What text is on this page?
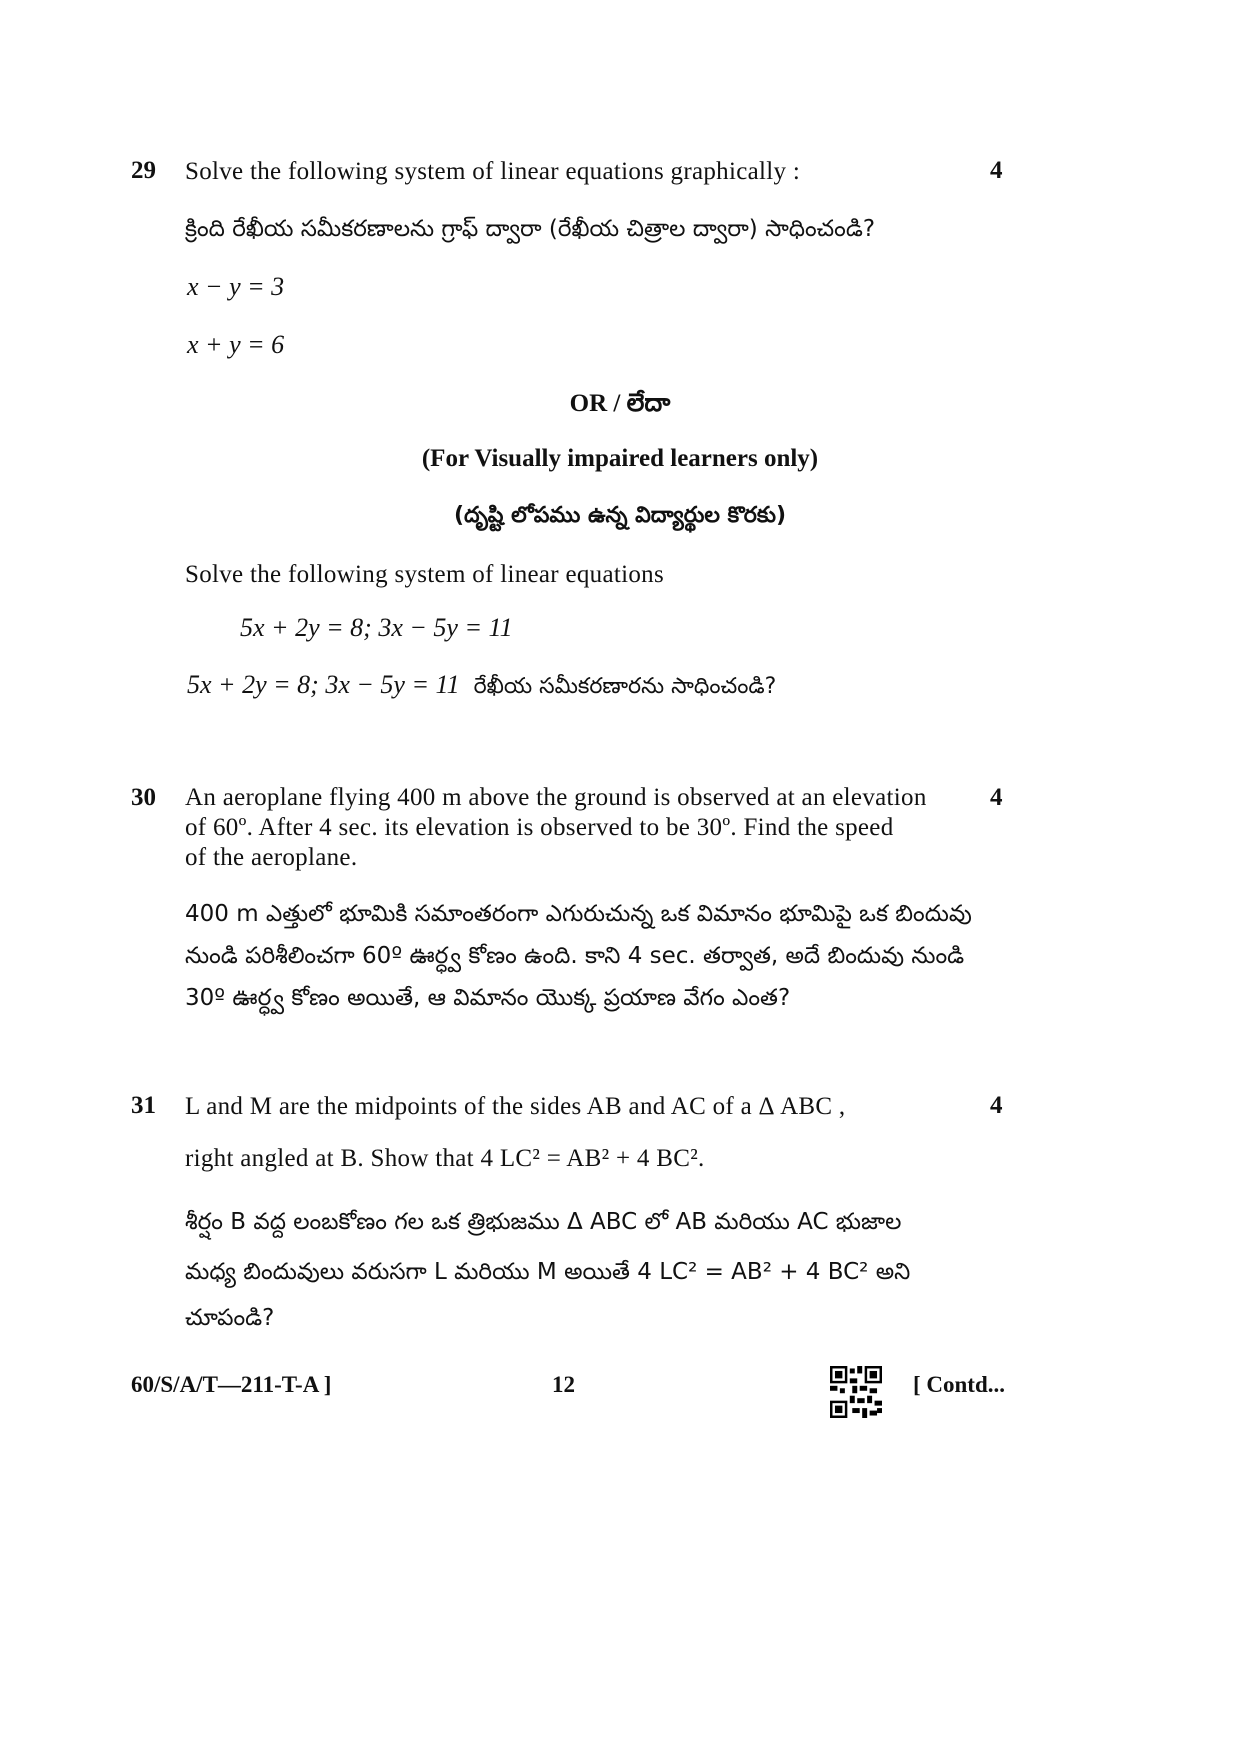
29 Solve the following system of linear equations graphically :	4
క్రింది రేఖీయ సమీకరణాలను గ్రాఫ్ ద్వారా (రేఖీయ చిత్రాల ద్వారా) సాధించండి?
x − y = 3
x + y = 6
OR / లేదా
(For Visually impaired learners only)
(దృష్టి లోపము ఉన్న విద్యార్థుల కొరకు)
Solve the following system of linear equations
5x + 2y = 8; 3x − 5y = 11
5x + 2y = 8; 3x − 5y = 11 రేఖీయ సమీకరణారను సాధించండి?
30	4
An aeroplane flying 400 m above the ground is observed at an elevation
of 60º. After 4 sec. its elevation is observed to be 30º. Find the speed
of the aeroplane.
400 m ఎత్తులో భూమికి సమాంతరంగా ఎగురుచున్న ఒక విమానం భూమిపై ఒక బిందువు
నుండి పరిశీలించగా 60º ఊర్ధ్వ కోణం ఉంది. కాని 4 sec. తర్వాత, అదే బిందువు నుండి
30º ఊర్ధ్వ కోణం అయితే, ఆ విమానం యొక్క ప్రయాణ వేగం ఎంత?
31	4
L and M are the midpoints of the sides AB and AC of a Δ ABC ,
right angled at B. Show that 4 LC² = AB² + 4 BC².
శీర్షం B వద్ద లంబకోణం గల ఒక త్రిభుజము Δ ABC లో AB మరియు AC భుజాల
మధ్య బిందువులు వరుసగా L మరియు M అయితే 4 LC² = AB² + 4 BC² అని
చూపండి?
60/S/A/T—211-T-A ]	12	[ Contd...
